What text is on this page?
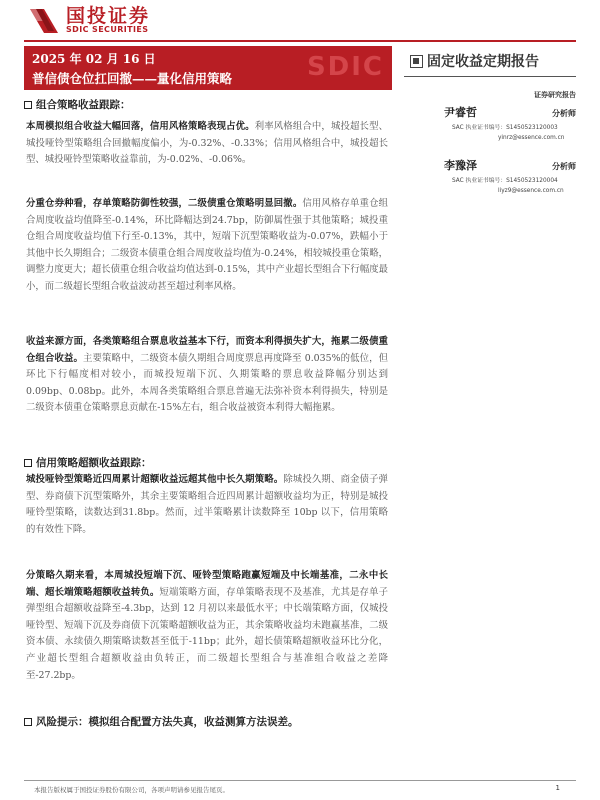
国投证券
SDIC SECURITIES
SDIC
2025 年 02 月 16 日
普信债仓位扛回撤——量化信用策略
固定收益定期报告
证券研究报告
尹睿哲	分析师
SAC 执业证书编号：S1450523120003
yinrz@essence.com.cn
李豫泽	分析师
SAC 执业证书编号：S1450523120004
liyz9@essence.com.cn
组合策略收益跟踪：
本周模拟组合收益大幅回落，信用风格策略表现占优。利率风格组合中，城投超长型、城投哑铃型策略组合回撤幅度偏小，为-0.32%、-0.33%；信用风格组合中，城投超长型、城投哑铃型策略收益靠前，为-0.02%、-0.06%。
分重仓券种看，存单策略防御性较强，二级债重仓策略明显回撤。信用风格存单重仓组合周度收益均值降至-0.14%，环比降幅达到24.7bp，防御属性强于其他策略；城投重仓组合周度收益均值下行至-0.13%，其中，短端下沉型策略收益为-0.07%，跌幅小于其他中长久期组合；二级资本债重仓组合周度收益均值为-0.24%，相较城投重仓策略，调整力度更大；超长债重仓组合收益均值达到-0.15%，其中产业超长型组合下行幅度最小，而二级超长型组合收益波动甚至超过利率风格。
收益来源方面，各类策略组合票息收益基本下行，而资本利得损失扩大，拖累二级债重仓组合收益。主要策略中，二级资本债久期组合周度票息再度降至 0.035%的低位，但环比下行幅度相对较小，而城投短端下沉、久期策略的票息收益降幅分别达到 0.09bp、0.08bp。此外，本周各类策略组合票息普遍无法弥补资本利得损失，特别是二级资本债重仓策略票息贡献在-15%左右，组合收益被资本利得大幅拖累。
信用策略超额收益跟踪：
城投哑铃型策略近四周累计超额收益远超其他中长久期策略。除城投久期、商金债子弹型、券商债下沉型策略外，其余主要策略组合近四周累计超额收益均为正，特别是城投哑铃型策略，读数达到31.8bp。然而，过半策略累计读数降至 10bp 以下，信用策略的有效性下降。
分策略久期来看，本周城投短端下沉、哑铃型策略跑赢短端及中长端基准，二永中长端、超长端策略超额收益转负。短端策略方面，存单策略表现不及基准，尤其是存单子弹型组合超额收益降至-4.3bp，达到 12 月初以来最低水平；中长端策略方面，仅城投哑铃型、短端下沉及券商债下沉策略超额收益为正，其余策略收益均未跑赢基准，二级资本债、永续债久期策略读数甚至低于-11bp；此外，超长债策略超额收益环比分化，产业超长型组合超额收益由负转正，而二级超长型组合与基准组合收益之差降至-27.2bp。
风险提示：模拟组合配置方法失真，收益测算方法误差。
本报告版权属于国投证券股份有限公司，各项声明请参见报告尾页。	1
